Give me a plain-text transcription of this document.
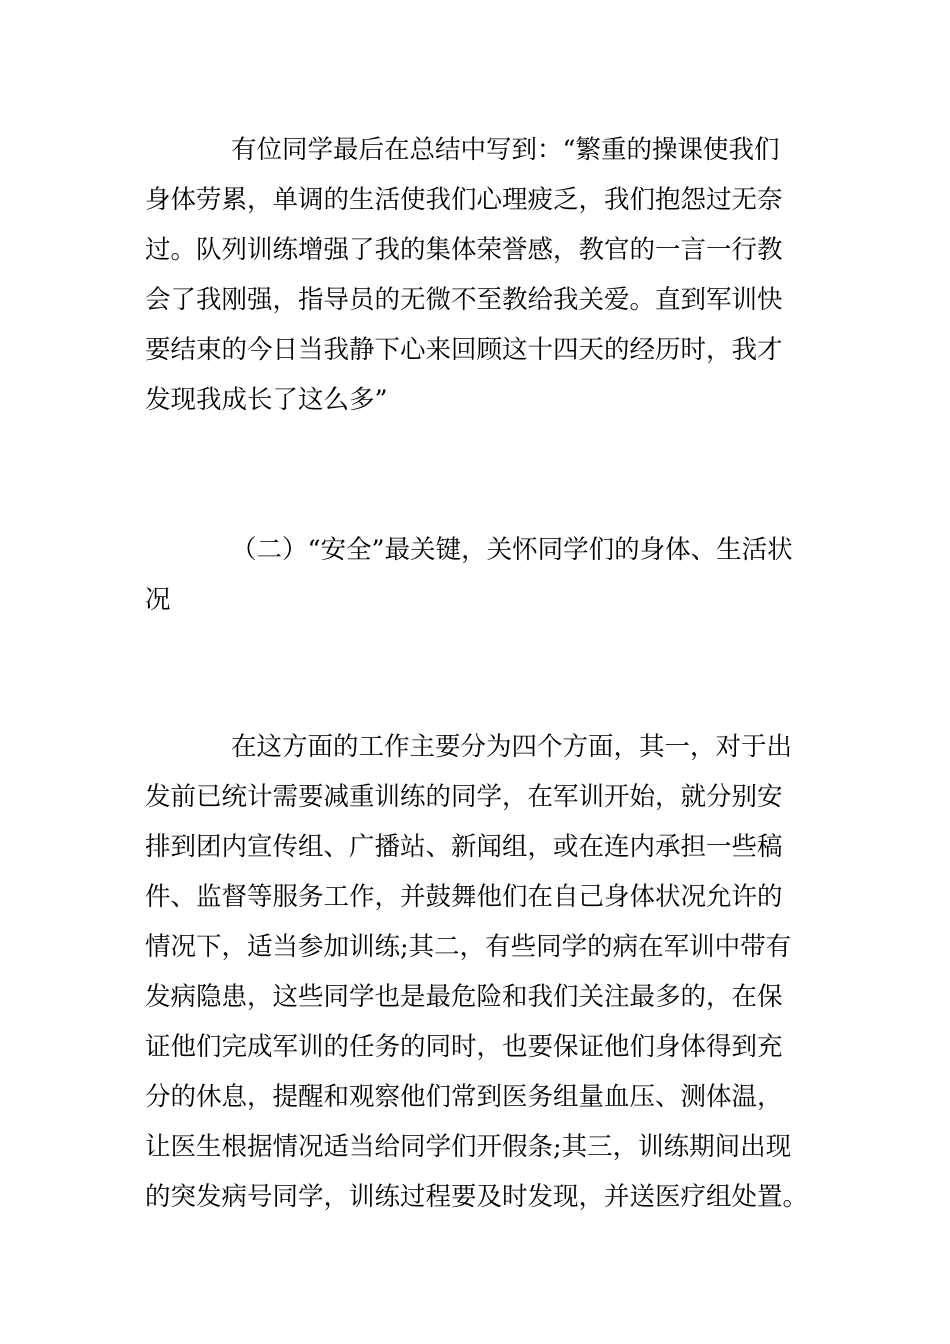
有位同学最后在总结中写到：“繁重的操课使我们
身体劳累，单调的生活使我们心理疲乏，我们抱怨过无奈
过。队列训练增强了我的集体荣誉感，教官的一言一行教
会了我刚强，指导员的无微不至教给我关爱。直到军训快
要结束的今日当我静下心来回顾这十四天的经历时，我才
发现我成长了这么多”
（二）“安全”最关键，关怀同学们的身体、生活状
况
在这方面的工作主要分为四个方面，其一，对于出
发前已统计需要减重训练的同学，在军训开始，就分别安
排到团内宣传组、广播站、新闻组，或在连内承担一些稿
件、监督等服务工作，并鼓舞他们在自己身体状况允许的
情况下，适当参加训练;其二，有些同学的病在军训中带有
发病隐患，这些同学也是最危险和我们关注最多的，在保
证他们完成军训的任务的同时，也要保证他们身体得到充
分的休息，提醒和观察他们常到医务组量血压、测体温，
让医生根据情况适当给同学们开假条;其三，训练期间出现
的突发病号同学，训练过程要及时发现，并送医疗组处置。
